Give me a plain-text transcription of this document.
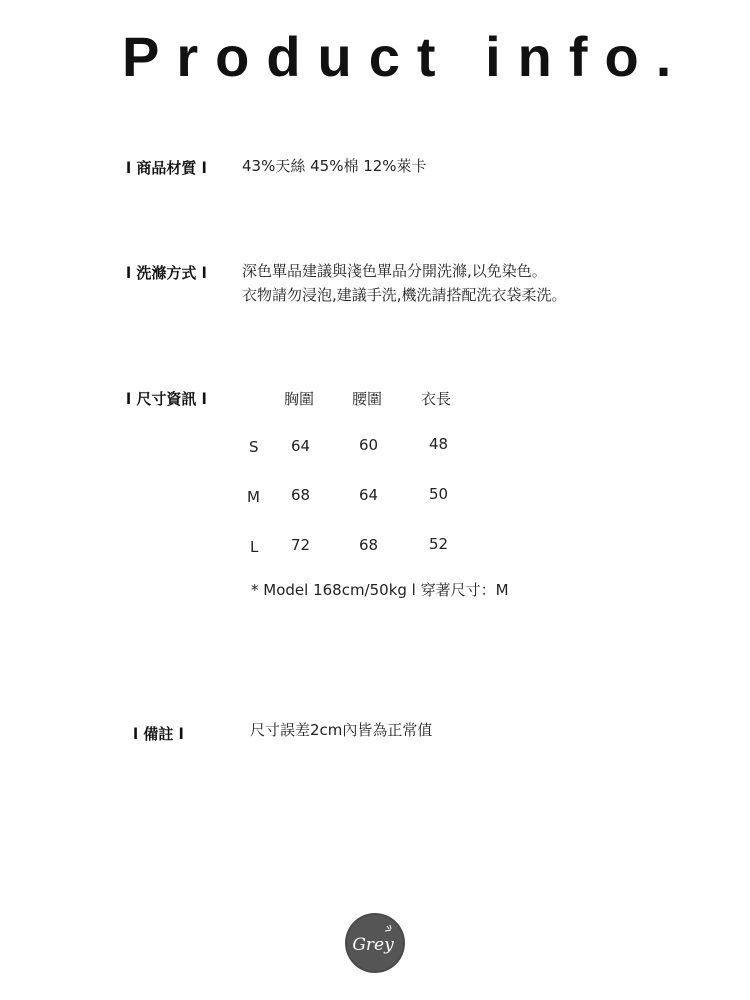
Product info.
l 商品材質 l 43%天絲 45%棉 12%萊卡
l 洗滌方式 l 深色單品建議與淺色單品分開洗滌,以免染色。
衣物請勿浸泡,建議手洗,機洗請搭配洗衣袋柔洗。
l 尺寸資訊 l	胸圍	腰圍	衣長
S 64	60	48
M 68	64	50
L 72	68	52
* Model 168cm/50kg l 穿著尺寸：M
l 備註 l	尺寸誤差2cm內皆為正常值
Grey
